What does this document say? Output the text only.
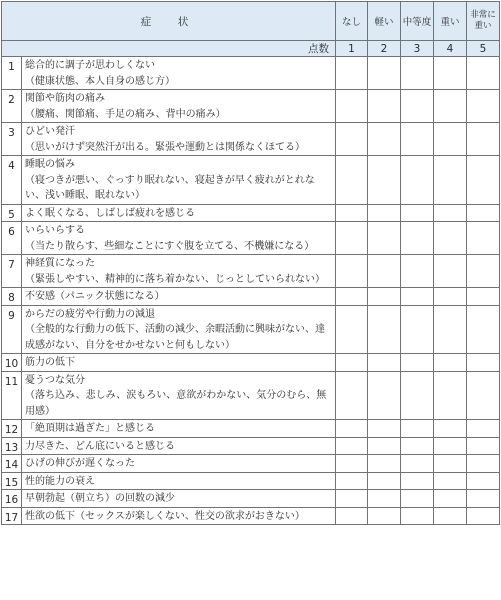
症　状		なし	軽い	中等度	重い	非常に重い
点数		1	2	3	4	5
1	総合的に調子が思わしくない
（健康状態、本人自身の感じ方）					

2	関節や筋肉の痛み
（腰痛、関節痛、手足の痛み、背中の痛み）					

3	ひどい発汗
（思いがけず突然汗が出る。緊張や運動とは関係なくほてる）					

4	睡眠の悩み
（寝つきが悪い、ぐっすり眠れない、寝起きが早く疲れがとれない、浅い睡眠、眠れない）					

5	よく眠くなる、しばしば疲れを感じる					

6	いらいらする
（当たり散らす、些細なことにすぐ腹を立てる、不機嫌になる）					

7	神経質になった
（緊張しやすい、精神的に落ち着かない、じっとしていられない）					

8	不安感（パニック状態になる）					

9	からだの疲労や行動力の減退
（全般的な行動力の低下、活動の減少、余暇活動に興味がない、達成感がない、自分をせかせないと何もしない）					

10	筋力の低下					

11	憂うつな気分
（落ち込み、悲しみ、涙もろい、意欲がわかない、気分のむら、無用感）					

12	「絶頂期は過ぎた」と感じる					

13	力尽きた、どん底にいると感じる					

14	ひげの伸びが遅くなった					

15	性的能力の衰え					

16	早朝勃起（朝立ち）の回数の減少					

17	性欲の低下（セックスが楽しくない、性交の欲求がおきない）					
